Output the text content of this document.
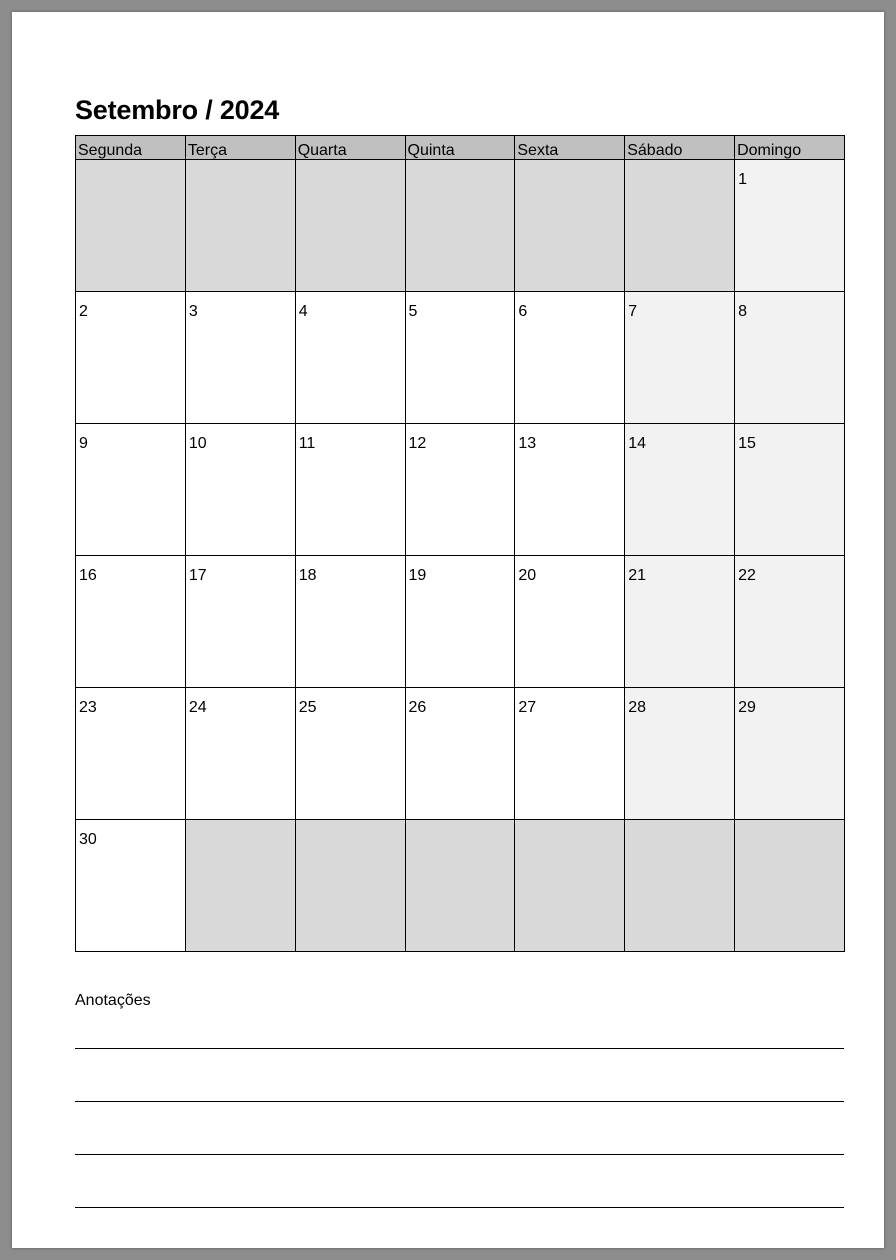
Setembro / 2024
Segunda	Terça	Quarta	Quinta	Sexta	Sábado	Domingo

						1

2	3	4	5	6	7	8

9	10	11	12	13	14	15

16	17	18	19	20	21	22

23	24	25	26	27	28	29

30						

Anotações
